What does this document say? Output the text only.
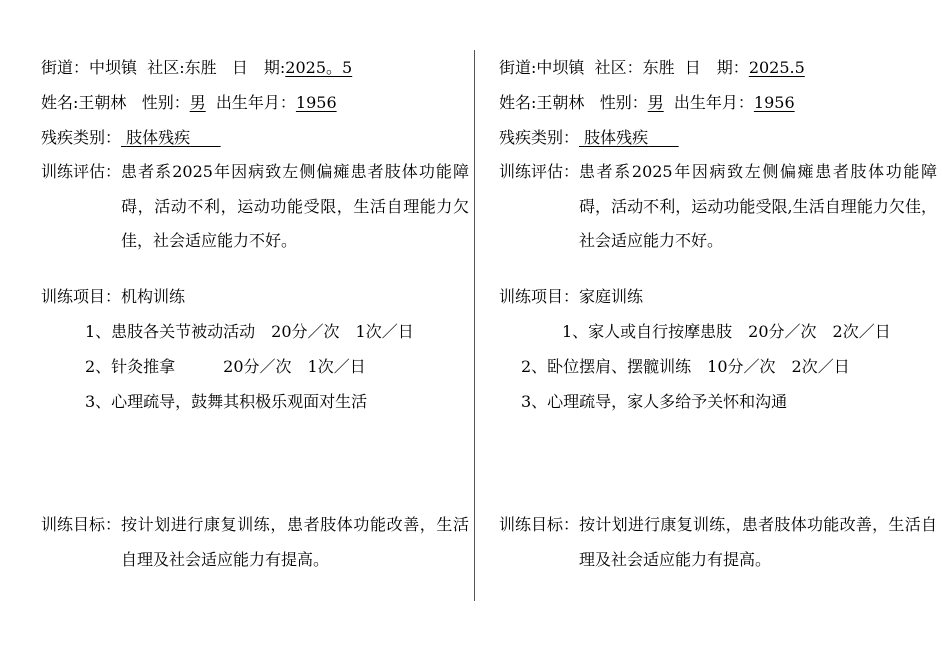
街道：中坝镇 社区:东胜 日　期:2025。5
姓名:王朝林 性别：男 出生年月：1956
残疾类别： 肢体残疾
训练评估： 患者系2025年因病致左侧偏瘫患者肢体功能障碍，活动不利，运动功能受限，生活自理能力欠佳，社会适应能力不好。
训练项目：机构训练
1、患肢各关节被动活动　20分／次　1次／日
2、针灸推拿　　　20分／次　1次／日
3、心理疏导，鼓舞其积极乐观面对生活
训练目标： 按计划进行康复训练，患者肢体功能改善，生活自理及社会适应能力有提高。
街道:中坝镇 社区：东胜 日　期：2025.5
姓名:王朝林 性别：男 出生年月：1956
残疾类别： 肢体残疾
训练评估： 患者系2025年因病致左侧偏瘫患者肢体功能障碍，活动不利，运动功能受限,生活自理能力欠佳，社会适应能力不好。
训练项目：家庭训练
1、家人或自行按摩患肢　20分／次　2次／日
2、卧位摆肩、摆髋训练　10分／次　2次／日
3、心理疏导，家人多给予关怀和沟通
训练目标： 按计划进行康复训练，患者肢体功能改善，生活自理及社会适应能力有提高。
